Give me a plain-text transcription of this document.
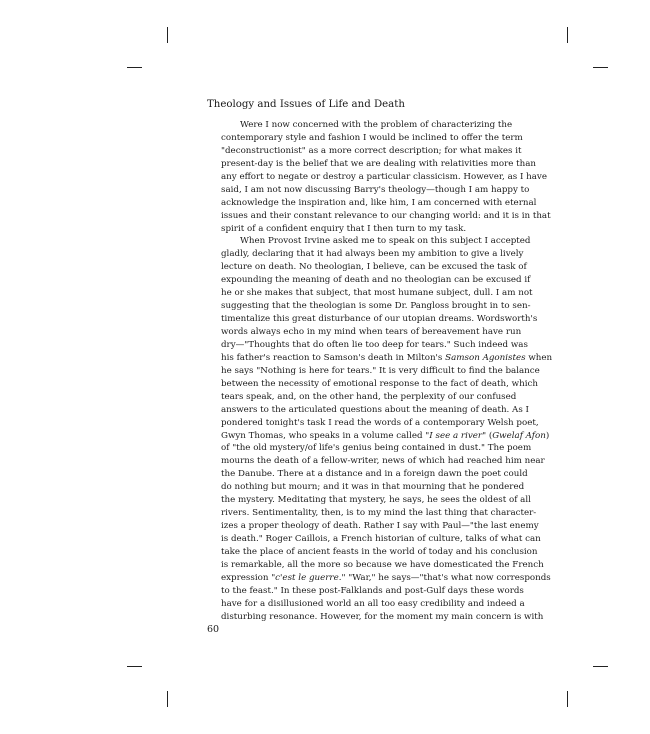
Theology and Issues of Life and Death
Were I now concerned with the problem of characterizing the
contemporary style and fashion I would be inclined to offer the term
"deconstructionist" as a more correct description; for what makes it
present-day is the belief that we are dealing with relativities more than
any effort to negate or destroy a particular classicism. However, as I have
said, I am not now discussing Barry's theology—though I am happy to
acknowledge the inspiration and, like him, I am concerned with eternal
issues and their constant relevance to our changing world: and it is in that
spirit of a confident enquiry that I then turn to my task.
When Provost Irvine asked me to speak on this subject I accepted
gladly, declaring that it had always been my ambition to give a lively
lecture on death. No theologian, I believe, can be excused the task of
expounding the meaning of death and no theologian can be excused if
he or she makes that subject, that most humane subject, dull. I am not
suggesting that the theologian is some Dr. Pangloss brought in to sen-
timentalize this great disturbance of our utopian dreams. Wordsworth's
words always echo in my mind when tears of bereavement have run
dry—"Thoughts that do often lie too deep for tears." Such indeed was
his father's reaction to Samson's death in Milton's Samson Agonistes when
he says "Nothing is here for tears." It is very difficult to find the balance
between the necessity of emotional response to the fact of death, which
tears speak, and, on the other hand, the perplexity of our confused
answers to the articulated questions about the meaning of death. As I
pondered tonight's task I read the words of a contemporary Welsh poet,
Gwyn Thomas, who speaks in a volume called "I see a river" (Gwelaf Afon)
of "the old mystery/of life's genius being contained in dust." The poem
mourns the death of a fellow-writer, news of which had reached him near
the Danube. There at a distance and in a foreign dawn the poet could
do nothing but mourn; and it was in that mourning that he pondered
the mystery. Meditating that mystery, he says, he sees the oldest of all
rivers. Sentimentality, then, is to my mind the last thing that character-
izes a proper theology of death. Rather I say with Paul—"the last enemy
is death." Roger Caillois, a French historian of culture, talks of what can
take the place of ancient feasts in the world of today and his conclusion
is remarkable, all the more so because we have domesticated the French
expression "c'est le guerre." "War," he says—"that's what now corresponds
to the feast." In these post-Falklands and post-Gulf days these words
have for a disillusioned world an all too easy credibility and indeed a
disturbing resonance. However, for the moment my main concern is with
60
